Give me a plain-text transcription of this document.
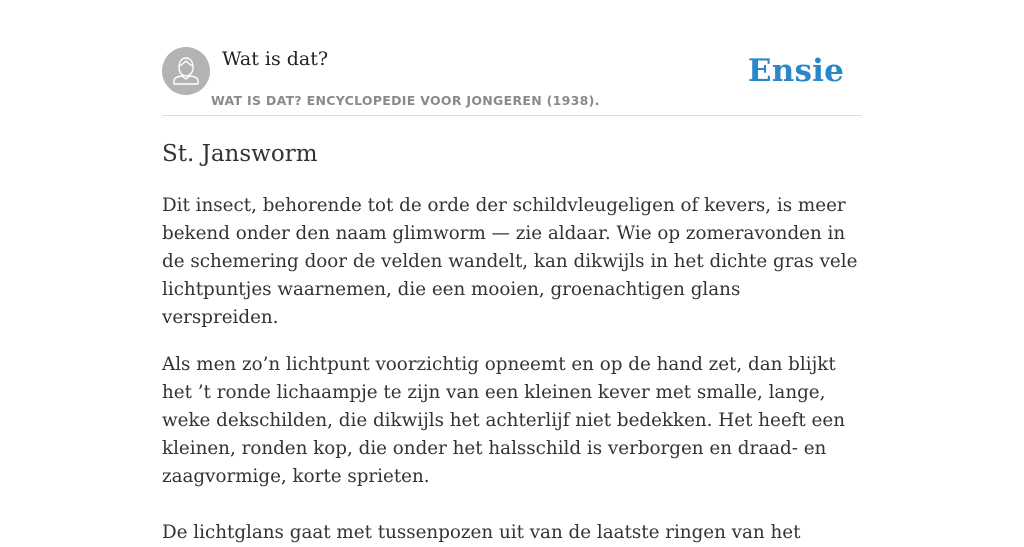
Wat is dat?
WAT IS DAT? ENCYCLOPEDIE VOOR JONGEREN (1938).
Ensie
St. Jansworm

Dit insect, behorende tot de orde der schildvleugeligen of kevers, is meer bekend onder den naam glimworm — zie aldaar. Wie op zomeravonden in de schemering door de velden wandelt, kan dikwijls in het dichte gras vele lichtpuntjes waarnemen, die een mooien, groenachtigen glans verspreiden.

Als men zo’n lichtpunt voorzichtig opneemt en op de hand zet, dan blijkt het ’t ronde lichaampje te zijn van een kleinen kever met smalle, lange, weke dekschilden, die dikwijls het achterlijf niet bedekken. Het heeft een kleinen, ronden kop, die onder het halsschild is verborgen en draad- en zaagvormige, korte sprieten.

De lichtglans gaat met tussenpozen uit van de laatste ringen van het
